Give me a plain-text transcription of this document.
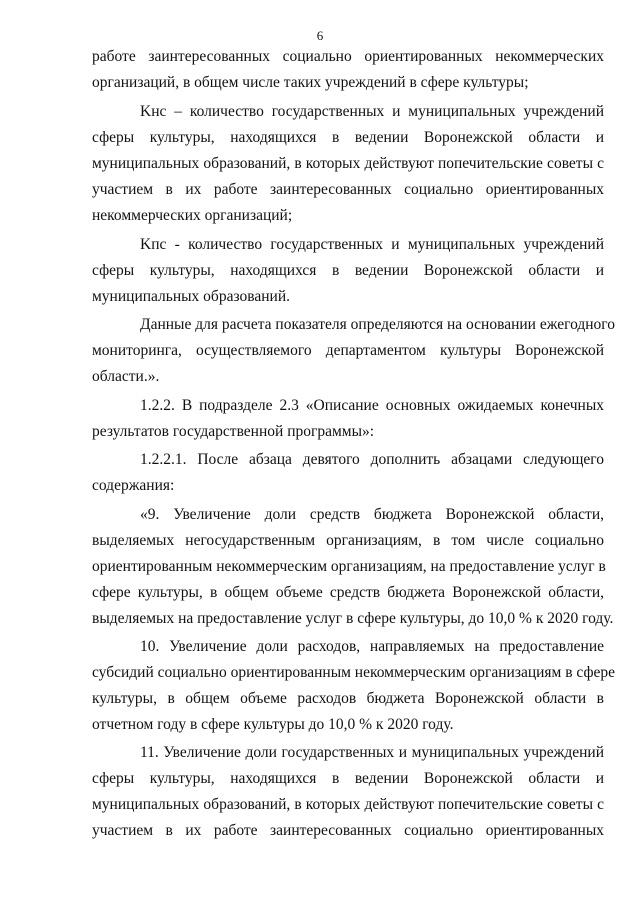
6
работе заинтересованных социально ориентированных некоммерческих
организаций, в общем числе таких учреждений в сфере культуры;
Kнс – количество государственных и муниципальных учреждений
сферы культуры, находящихся в ведении Воронежской области и
муниципальных образований, в которых действуют попечительские советы с
участием в их работе заинтересованных социально ориентированных
некоммерческих организаций;
Kпс - количество государственных и муниципальных учреждений
сферы культуры, находящихся в ведении Воронежской области и
муниципальных образований.
Данные для расчета показателя определяются на основании ежегодного
мониторинга, осуществляемого департаментом культуры Воронежской
области.».
1.2.2. В подразделе 2.3 «Описание основных ожидаемых конечных
результатов государственной программы»:
1.2.2.1. После абзаца девятого дополнить абзацами следующего
содержания:
«9. Увеличение доли средств бюджета Воронежской области,
выделяемых негосударственным организациям, в том числе социально
ориентированным некоммерческим организациям, на предоставление услуг в
сфере культуры, в общем объеме средств бюджета Воронежской области,
выделяемых на предоставление услуг в сфере культуры, до 10,0 % к 2020 году.
10. Увеличение доли расходов, направляемых на предоставление
субсидий социально ориентированным некоммерческим организациям в сфере
культуры, в общем объеме расходов бюджета Воронежской области в
отчетном году в сфере культуры до 10,0 % к 2020 году.
11. Увеличение доли государственных и муниципальных учреждений
сферы культуры, находящихся в ведении Воронежской области и
муниципальных образований, в которых действуют попечительские советы с
участием в их работе заинтересованных социально ориентированных
